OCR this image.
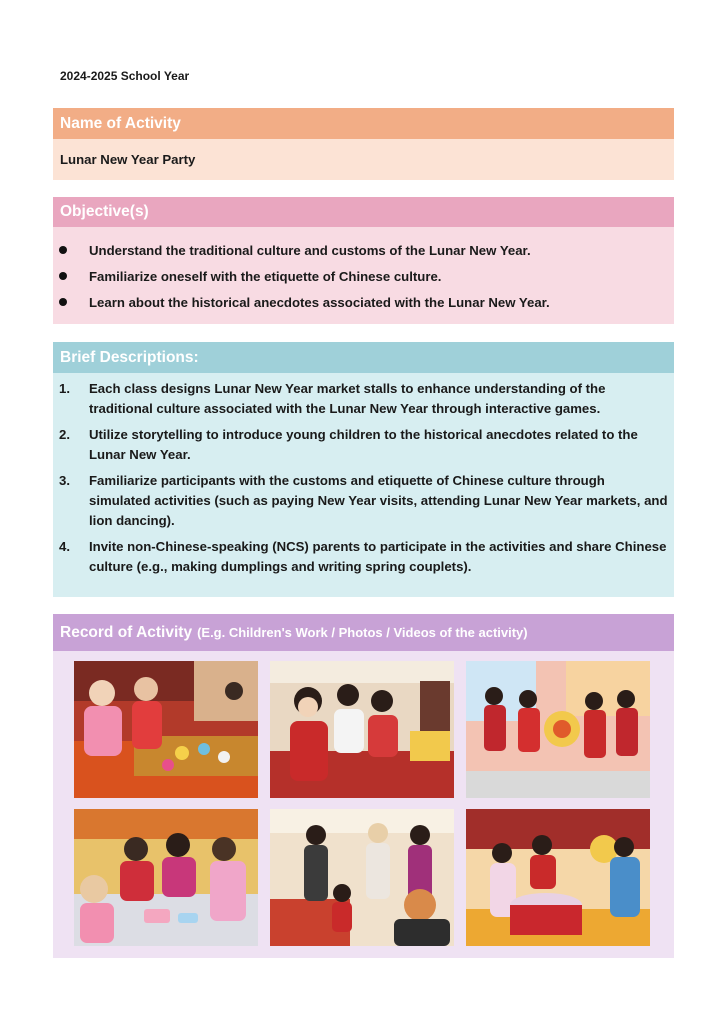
2024-2025 School Year
Name of Activity
Lunar New Year Party
Objective(s)
Understand the traditional culture and customs of the Lunar New Year.
Familiarize oneself with the etiquette of Chinese culture.
Learn about the historical anecdotes associated with the Lunar New Year.
Brief Descriptions:
1.	Each class designs Lunar New Year market stalls to enhance understanding of the traditional culture associated with the Lunar New Year through interactive games.
2.	Utilize storytelling to introduce young children to the historical anecdotes related to the Lunar New Year.
3.	Familiarize participants with the customs and etiquette of Chinese culture through simulated activities (such as paying New Year visits, attending Lunar New Year markets, and lion dancing).
4.	Invite non-Chinese-speaking (NCS) parents to participate in the activities and share Chinese culture (e.g., making dumplings and writing spring couplets).
Record of Activity (E.g. Children's Work / Photos / Videos of the activity)
